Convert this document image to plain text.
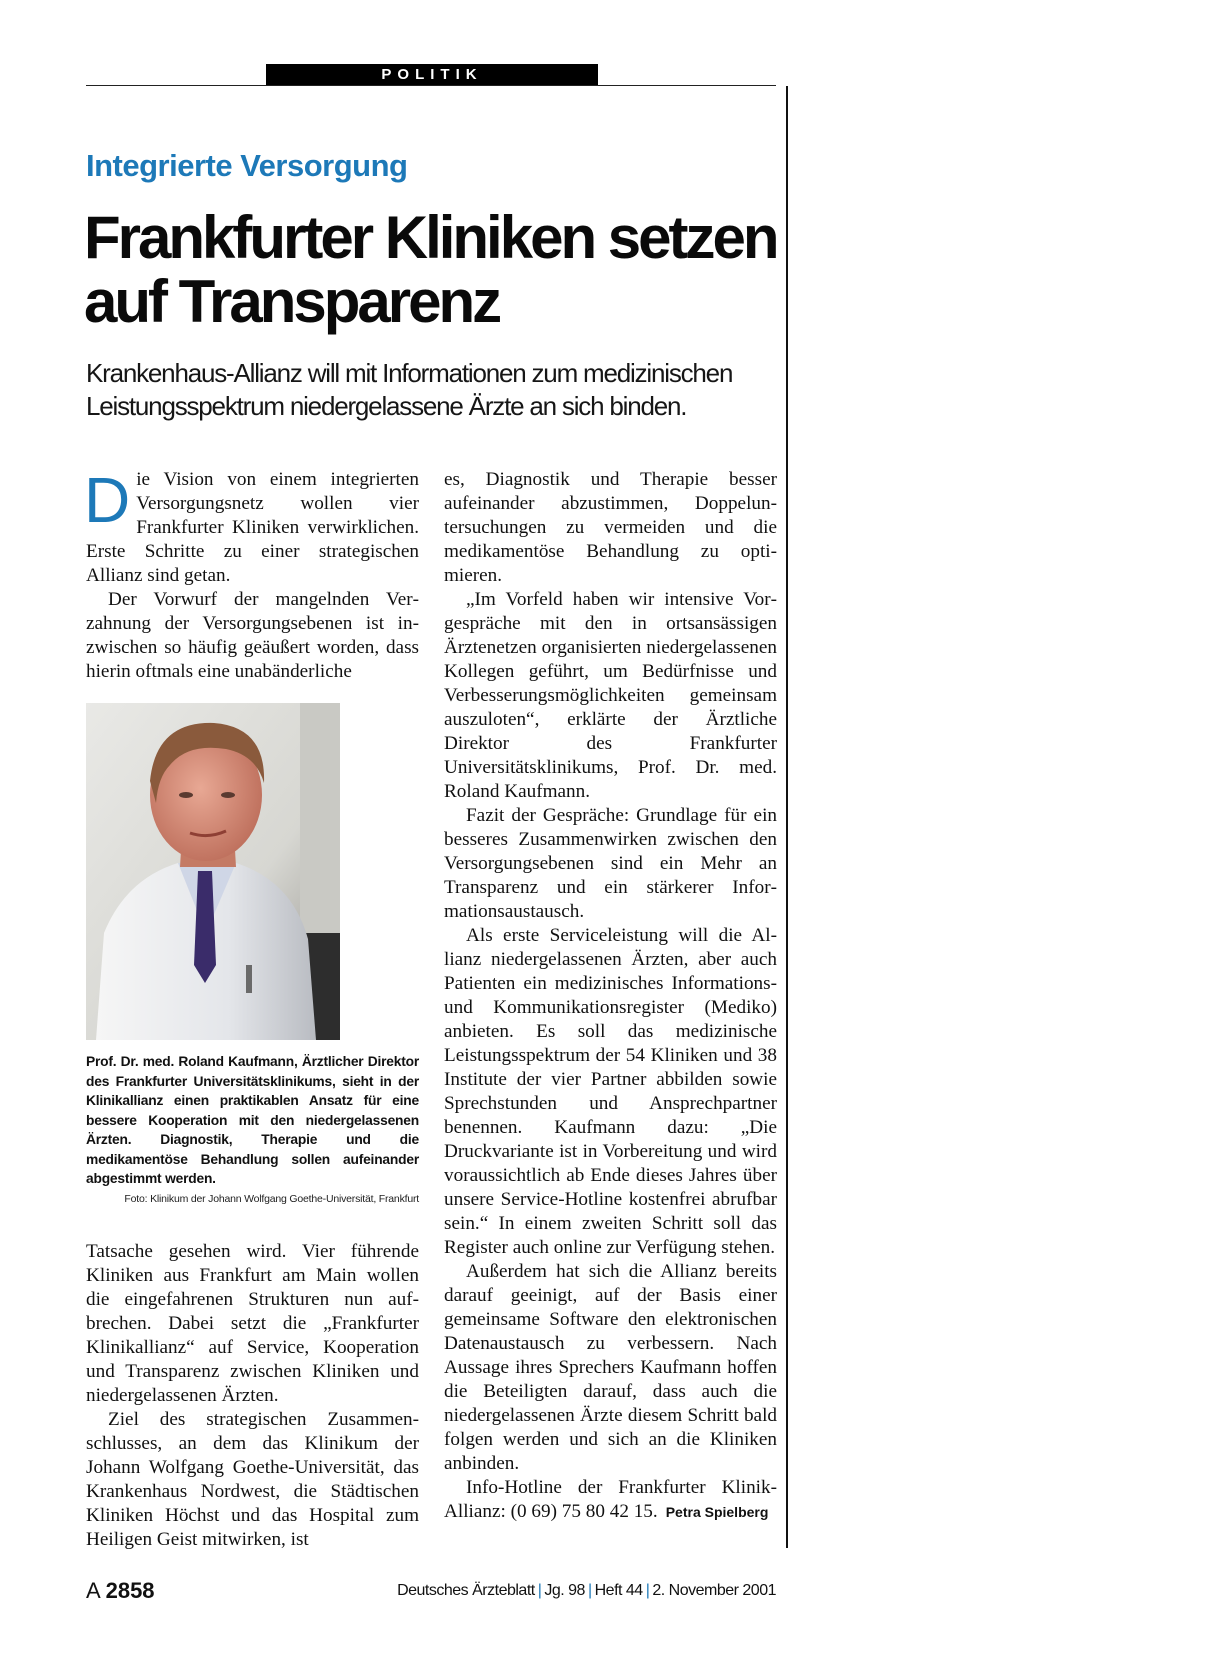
POLITIK
Integrierte Versorgung
Frankfurter Kliniken setzen auf Transparenz

Krankenhaus-Allianz will mit Informationen zum medizinischen Leistungsspektrum niedergelassene Ärzte an sich binden.

Die Vision von einem integrierten Versorgungsnetz wollen vier Frankfurter Kliniken verwirklichen. Erste Schritte zu einer strategischen Allianz sind getan.

Der Vorwurf der mangelnden Verzahnung der Versorgungsebenen ist inzwischen so häufig geäußert worden, dass hierin oftmals eine unabänderliche

Prof. Dr. med. Roland Kaufmann, Ärztlicher Direktor des Frankfurter Universitätsklinikums, sieht in der Klinikallianz einen praktikablen Ansatz für eine bessere Kooperation mit den niedergelassenen Ärzten. Diagnostik, Therapie und die medikamentöse Behandlung sollen aufeinander abgestimmt werden.

Foto: Klinikum der Johann Wolfgang Goethe-Universität, Frankfurt

Tatsache gesehen wird. Vier führende Kliniken aus Frankfurt am Main wollen die eingefahrenen Strukturen nun aufbrechen. Dabei setzt die „Frankfurter Klinikallianz“ auf Service, Kooperation und Transparenz zwischen Kliniken und niedergelassenen Ärzten.

Ziel des strategischen Zusammenschlusses, an dem das Klinikum der Johann Wolfgang Goethe-Universität, das Krankenhaus Nordwest, die Städtischen Kliniken Höchst und das Hospital zum Heiligen Geist mitwirken, ist

es, Diagnostik und Therapie besser aufeinander abzustimmen, Doppeluntersuchungen zu vermeiden und die medikamentöse Behandlung zu optimieren.

„Im Vorfeld haben wir intensive Vorgespräche mit den in ortsansässigen Ärztenetzen organisierten niedergelassenen Kollegen geführt, um Bedürfnisse und Verbesserungsmöglichkeiten gemeinsam auszuloten“, erklärte der Ärztliche Direktor des Frankfurter Universitätsklinikums, Prof. Dr. med. Roland Kaufmann.

Fazit der Gespräche: Grundlage für ein besseres Zusammenwirken zwischen den Versorgungsebenen sind ein Mehr an Transparenz und ein stärkerer Informationsaustausch.

Als erste Serviceleistung will die Allianz niedergelassenen Ärzten, aber auch Patienten ein medizinisches Informations- und Kommunikationsregister (Mediko) anbieten. Es soll das medizinische Leistungsspektrum der 54 Kliniken und 38 Institute der vier Partner abbilden sowie Sprechstunden und Ansprechpartner benennen. Kaufmann dazu: „Die Druckvariante ist in Vorbereitung und wird voraussichtlich ab Ende dieses Jahres über unsere Service-Hotline kostenfrei abrufbar sein.“ In einem zweiten Schritt soll das Register auch online zur Verfügung stehen.

Außerdem hat sich die Allianz bereits darauf geeinigt, auf der Basis einer gemeinsame Software den elektronischen Datenaustausch zu verbessern. Nach Aussage ihres Sprechers Kaufmann hoffen die Beteiligten darauf, dass auch die niedergelassenen Ärzte diesem Schritt bald folgen werden und sich an die Kliniken anbinden.

Info-Hotline der Frankfurter Klinik-Allianz: (0 69) 75 80 42 15. Petra Spielberg

A 2858	Deutsches Ärzteblatt | Jg. 98 | Heft 44 | 2. November 2001
